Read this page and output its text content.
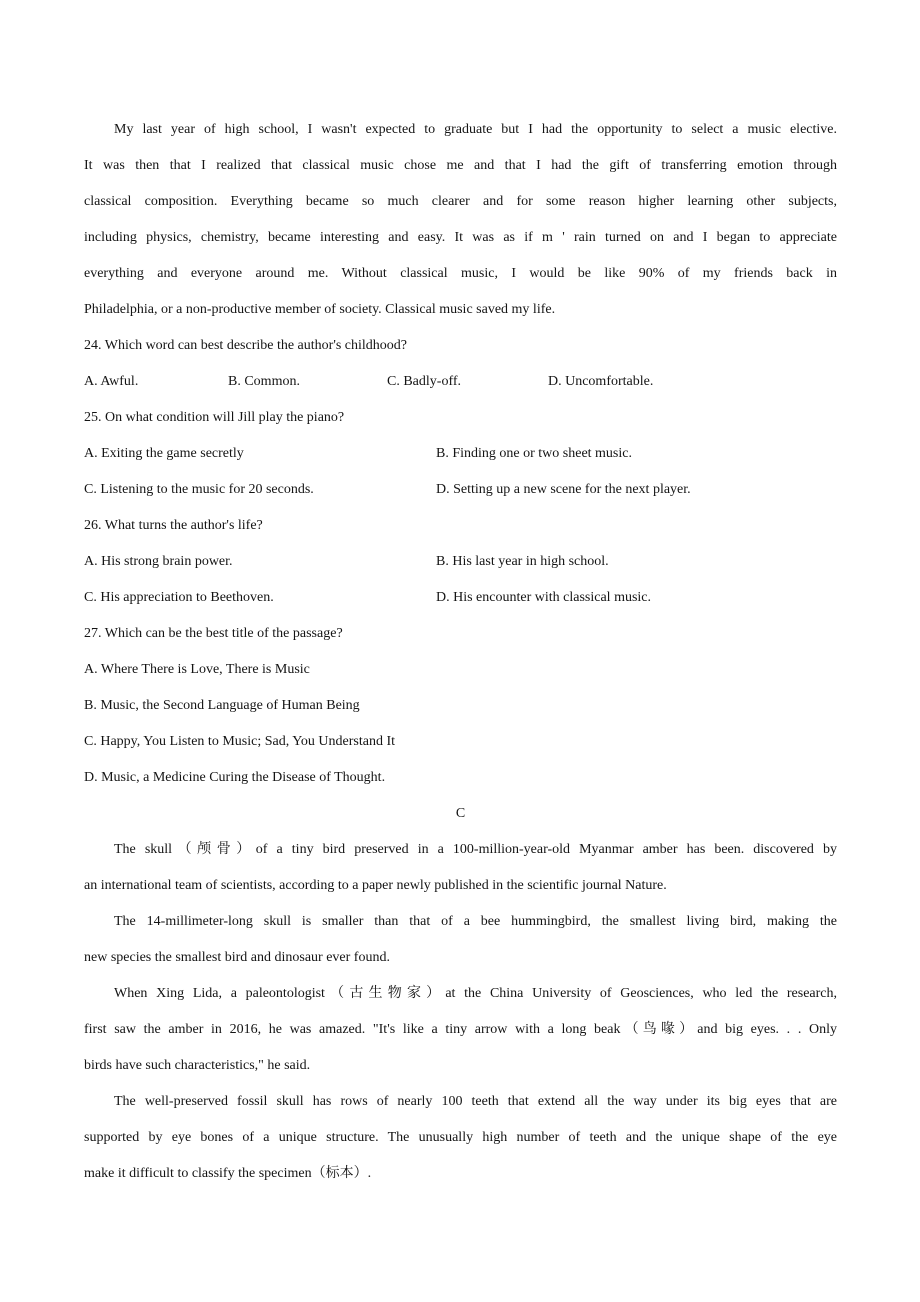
My last year of high school, I wasn't expected to graduate but I had the opportunity to select a music elective.
It was then that I realized that classical music chose me and that I had the gift of transferring emotion through
classical composition. Everything became so much clearer and for some reason higher learning other subjects,
including physics, chemistry, became interesting and easy. It was as if m ' rain turned on and I began to appreciate
everything and everyone around me. Without classical music, I would be like 90% of my friends back in
Philadelphia, or a non-productive member of society. Classical music saved my life.
24. Which word can best describe the author's childhood?
A. Awful.	B. Common.	C. Badly-off.	D. Uncomfortable.
25. On what condition will Jill play the piano?
A. Exiting the game secretly	B. Finding one or two sheet music.
C. Listening to the music for 20 seconds.	D. Setting up a new scene for the next player.
26. What turns the author's life?
A. His strong brain power.	B. His last year in high school.
C. His appreciation to Beethoven.	D. His encounter with classical music.
27. Which can be the best title of the passage?
A. Where There is Love, There is Music
B. Music, the Second Language of Human Being
C. Happy, You Listen to Music; Sad, You Understand It
D. Music, a Medicine Curing the Disease of Thought.
C
The skull（颅骨）of a tiny bird preserved in a 100-million-year-old Myanmar amber has been. discovered by
an international team of scientists, according to a paper newly published in the scientific journal Nature.
The 14-millimeter-long skull is smaller than that of a bee hummingbird, the smallest living bird, making the
new species the smallest bird and dinosaur ever found.
When Xing Lida, a paleontologist（古生物家）at the China University of Geosciences, who led the research,
first saw the amber in 2016, he was amazed. "It's like a tiny arrow with a long beak（鸟喙）and big eyes. . . Only
birds have such characteristics," he said.
The well-preserved fossil skull has rows of nearly 100 teeth that extend all the way under its big eyes that are
supported by eye bones of a unique structure. The unusually high number of teeth and the unique shape of the eye
make it difficult to classify the specimen（标本）.
